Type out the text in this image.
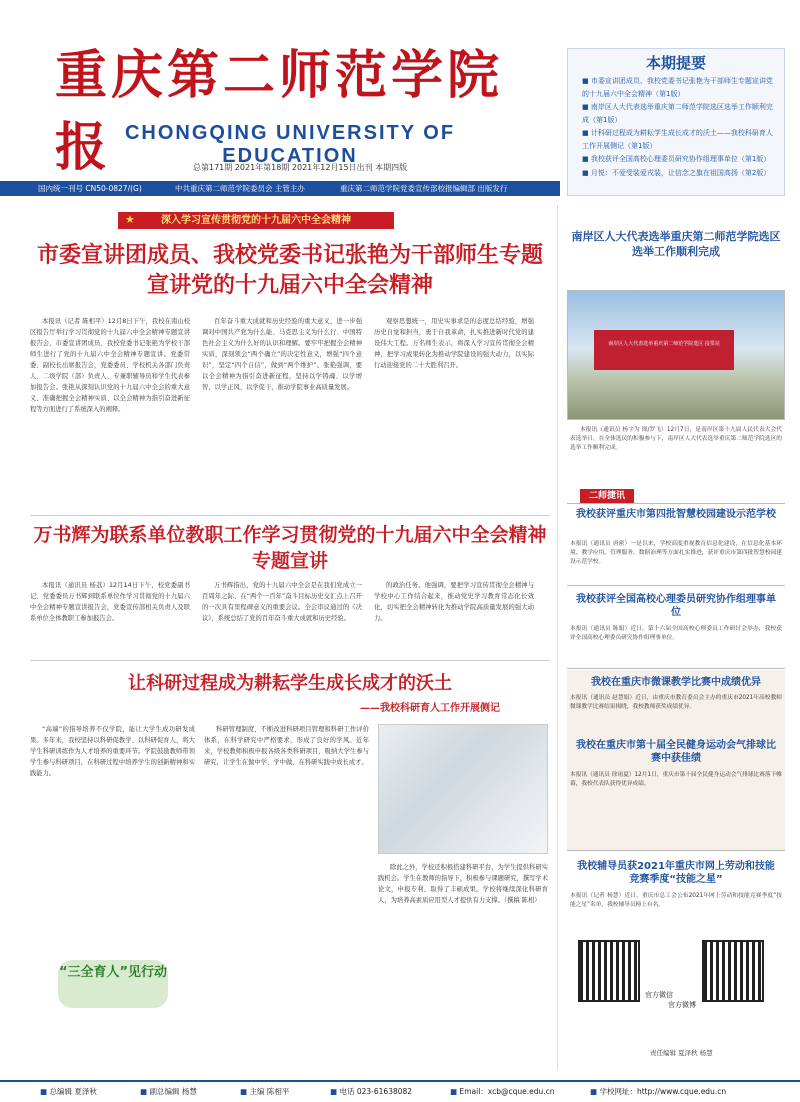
重庆第二师范学院报 CHONGQING UNIVERSITY OF EDUCATION
总第171期 2021年第18期 2021年12月15日出刊 本期四版
国内统一刊号 CN50-0827/(G)	中共重庆第二师范学院委员会 主管主办	重庆第二师范学院党委宣传部校报编辑部 出版发行
■ 市委宣讲团成员、我校党委书记张艳为干部师生专题宣讲党的十九届六中全会精神（第1版）
■ 南岸区人大代表选举重庆第二师范学院选区选举工作顺利完成（第1版）
■ 计科研过程成为耕耘学生成长成才的沃土——我校科研育人工作开展侧记（第1版）
■ 我校获评全国高校心理委员研究协作组理事单位（第1版）
■ 月悦：不爱受装爱戎装，让信念之旗在祖国高扬（第2版）
本期提要
深入学习宣传贯彻党的十九届六中全会精神
★
市委宣讲团成员、我校党委书记张艳为干部师生专题宣讲党的十九届六中全会精神
本报讯（记者 陈相平）12月8日下午，我校在南山校区报告厅举行学习贯彻党的十九届六中全会精神专题宣讲报告会，市委宣讲团成员、我校党委书记张艳为学校干部师生进行了党的十九届六中全会精神专题宣讲。党委常委、副校长出席报告会，党委委员、学校机关各部门负责人、二级学院（部）负责人、专兼职辅导员和学生代表参加报告会。张艳从深刻认识党的十九届六中全会的重大意义、准确把握全会精神实质、以全会精神为指引奋进新征程等方面进行了系统深入的阐释。
百年奋斗重大成就和历史经验的重大意义，进一步强调对中国共产党为什么能、马克思主义为什么行、中国特色社会主义为什么好的认识和理解。要牢牢把握全会精神实质，深刻领会“两个确立”的决定性意义，增强“四个意识”，坚定“四个自信”，做到“两个维护”。张艳强调，要以全会精神为指引奋进新征程，坚持以学铸魂、以学增智、以学正风、以学促干，推动学院事业高质量发展。
观察思想统一，用史实事求是的态度总结经验，增强历史自觉和担当，勇于自我革命，扎实推进新时代党的建设伟大工程。万名师生表示，将深入学习宣传贯彻全会精神，把学习成果转化为推动学院建设的强大动力，以实际行动迎接党的二十大胜利召开。
万书辉为联系单位教职工作学习贯彻党的十九届六中全会精神专题宣讲
本报讯（通讯员 杨荔）12月14日下午，校党委副书记、党委委员万书辉到联系单位作学习贯彻党的十九届六中全会精神专题宣讲报告会，党委宣传部相关负责人及联系单位全体教职工参加报告会。
万书辉指出，党的十九届六中全会是在我们党成立一百周年之际、在“两个一百年”奋斗目标历史交汇点上召开的一次具有里程碑意义的重要会议。全会审议通过的《决议》，系统总结了党的百年奋斗重大成就和历史经验。
的政治任务。他强调，要把学习宣传贯彻全会精神与学校中心工作结合起来，推动党史学习教育常态化长效化，切实把全会精神转化为推动学院高质量发展的强大动力。
让科研过程成为耕耘学生成长成才的沃土
——我校科研育人工作开展侧记
“高端”的指导培养不仅学院，能让大学生成功研发成果。多年来，我校坚持以科研促教学、以科研促育人，将大学生科研训练作为人才培养的重要环节。学院鼓励教师带领学生参与科研项目，在科研过程中培养学生的创新精神和实践能力。
科研管理制度，不断改进科研项目管理和科研工作评价体系，在科学研究中严格要求，形成了良好的学风。近年来，学校教师积极申报各级各类科研项目，吸纳大学生参与研究，让学生在做中学、学中做，在科研实践中成长成才。
除此之外，学校还积极搭建科研平台，为学生提供科研实践机会。学生在教师的指导下，积极参与课题研究，撰写学术论文，申报专利，取得了丰硕成果。学校将继续深化科研育人，为培养高素质应用型人才提供有力支撑。（撰稿 陈相）
“三全育人”见行动
南岸区人大代表选举重庆第二师范学院选区选举工作顺利完成
南岸区人大代表选举重庆第二师范学院选区 投票站
本报讯（通讯员 杨宇为 图/罗飞）12月7日，是南岸区第十九届人民代表大会代表选举日，在全体选民的积极参与下，南岸区人大代表选举重庆第二师范学院选区的选举工作顺利完成。
二师捷讯
我校获评重庆市第四批智慧校园建设示范学校
本报讯（通讯员 唐密）一是以来，学校高度重视教育信息化建设，在信息化基本环境、教学应用、管理服务、数据治理等方面扎实推进，获评重庆市第四批智慧校园建设示范学校。
我校获评全国高校心理委员研究协作组理事单位
本报讯（通讯员 陈娟）近日，第十六届全国高校心理委员工作研讨会举办，我校获评全国高校心理委员研究协作组理事单位。
我校在重庆市微课教学比赛中成绩优异
本报讯（通讯员 赵慧娟）近日，由重庆市教育委员会主办的重庆市2021年高校教师微课教学比赛结果揭晓，我校教师获奖成绩优异。
我校在重庆市第十届全民健身运动会气排球比赛中获佳绩
本报讯（通讯员 徐雨夏）12月1日，重庆市第十届全民健身运动会气排球比赛落下帷幕，我校代表队获得优异成绩。
我校辅导员获2021年重庆市网上劳动和技能竞赛季度“技能之星”
本报讯（记者 杨慧）近日，重庆市总工会公布2021年网上劳动和技能竞赛季度“技能之星”名单，我校辅导员榜上有名。
官方微信
官方微博
责任编辑 夏泽秋 杨慧
■ 总编辑 夏泽秋	■ 副总编辑 杨慧	■ 主编 陈相平	■ 电话 023-61638082	■ Email：xcb@cque.edu.cn	■ 学校网址：http://www.cque.edu.cn
